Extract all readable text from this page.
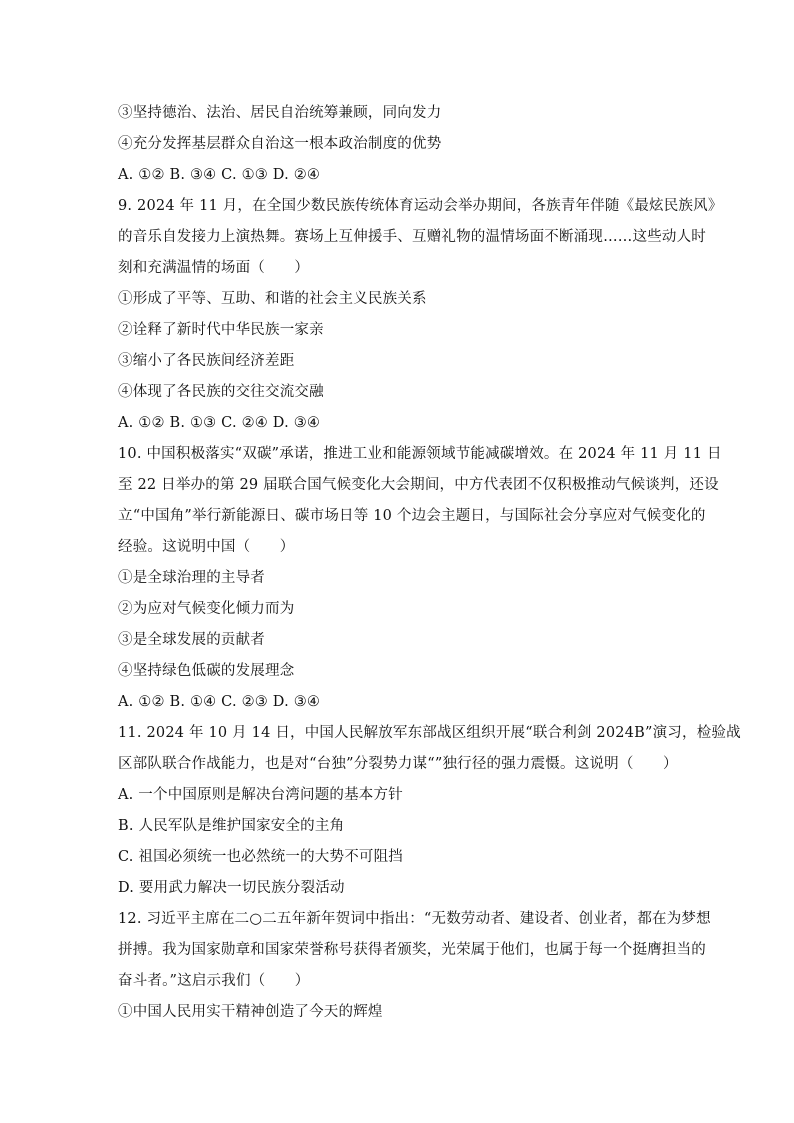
③坚持德治、法治、居民自治统筹兼顾，同向发力
④充分发挥基层群众自治这一根本政治制度的优势
A. ①② B. ③④ C. ①③ D. ②④
9. 2024 年 11 月，在全国少数民族传统体育运动会举办期间，各族青年伴随《最炫民族风》
的音乐自发接力上演热舞。赛场上互伸援手、互赠礼物的温情场面不断涌现……这些动人时
刻和充满温情的场面（　　）
①形成了平等、互助、和谐的社会主义民族关系
②诠释了新时代中华民族一家亲
③缩小了各民族间经济差距
④体现了各民族的交往交流交融
A. ①② B. ①③ C. ②④ D. ③④
10. 中国积极落实“双碳”承诺，推进工业和能源领域节能减碳增效。在 2024 年 11 月 11 日
至 22 日举办的第 29 届联合国气候变化大会期间，中方代表团不仅积极推动气候谈判，还设
立“中国角”举行新能源日、碳市场日等 10 个边会主题日，与国际社会分享应对气候变化的
经验。这说明中国（　　）
①是全球治理的主导者
②为应对气候变化倾力而为
③是全球发展的贡献者
④坚持绿色低碳的发展理念
A. ①② B. ①④ C. ②③ D. ③④
11. 2024 年 10 月 14 日，中国人民解放军东部战区组织开展“联合利剑 2024B”演习，检验战
区部队联合作战能力，也是对“台独”分裂势力谋“”独行径的强力震慑。这说明（　　）
A. 一个中国原则是解决台湾问题的基本方针
B. 人民军队是维护国家安全的主角
C. 祖国必须统一也必然统一的大势不可阻挡
D. 要用武力解决一切民族分裂活动
12. 习近平主席在二○二五年新年贺词中指出：“无数劳动者、建设者、创业者，都在为梦想
拼搏。我为国家勋章和国家荣誉称号获得者颁奖，光荣属于他们，也属于每一个挺膺担当的
奋斗者。”这启示我们（　　）
①中国人民用实干精神创造了今天的辉煌
